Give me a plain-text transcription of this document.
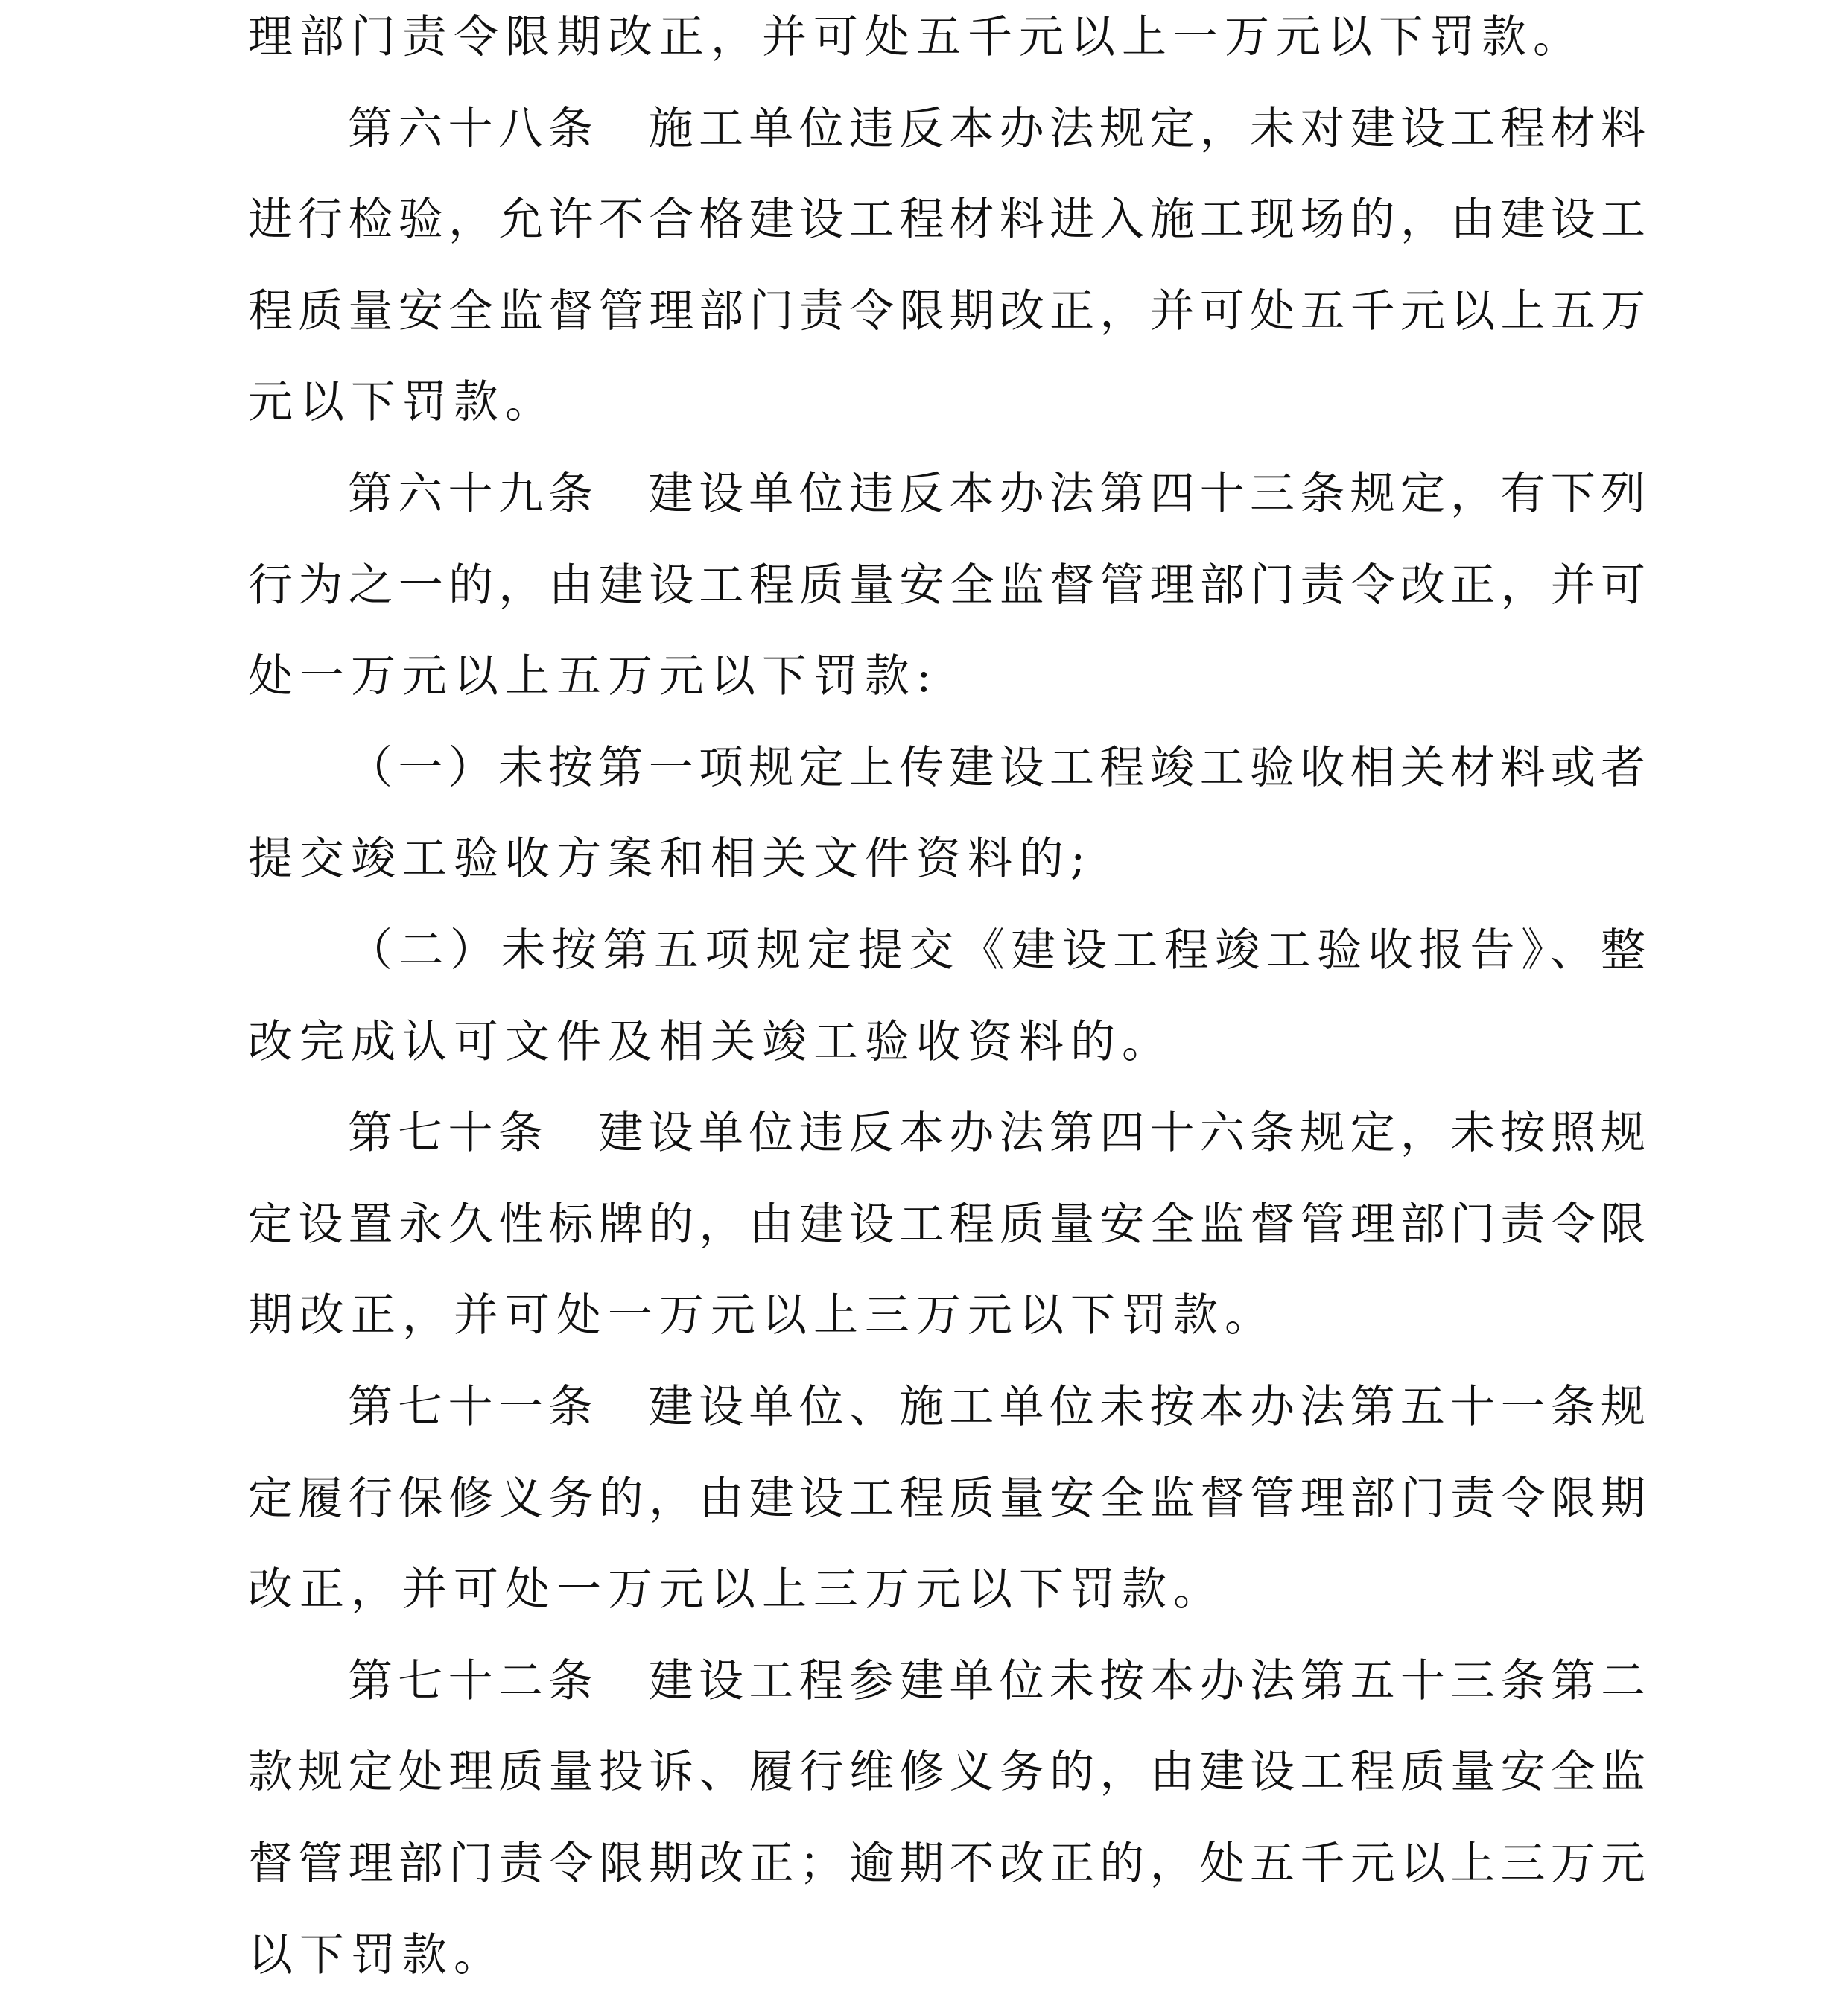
理部门责令限期改正，并可处五千元以上一万元以下罚款。
第六十八条　施工单位违反本办法规定，未对建设工程材料
进行检验，允许不合格建设工程材料进入施工现场的，由建设工
程质量安全监督管理部门责令限期改正，并可处五千元以上五万
元以下罚款。
第六十九条　建设单位违反本办法第四十三条规定，有下列
行为之一的，由建设工程质量安全监督管理部门责令改正，并可
处一万元以上五万元以下罚款:
（一）未按第一项规定上传建设工程竣工验收相关材料或者
提交竣工验收方案和相关文件资料的;
（二）未按第五项规定提交《建设工程竣工验收报告》、整
改完成认可文件及相关竣工验收资料的。
第七十条　建设单位违反本办法第四十六条规定，未按照规
定设置永久性标牌的，由建设工程质量安全监督管理部门责令限
期改正，并可处一万元以上三万元以下罚款。
第七十一条　建设单位、施工单位未按本办法第五十一条规
定履行保修义务的，由建设工程质量安全监督管理部门责令限期
改正，并可处一万元以上三万元以下罚款。
第七十二条　建设工程参建单位未按本办法第五十三条第二
款规定处理质量投诉、履行维修义务的，由建设工程质量安全监
督管理部门责令限期改正；逾期不改正的，处五千元以上三万元
以下罚款。
